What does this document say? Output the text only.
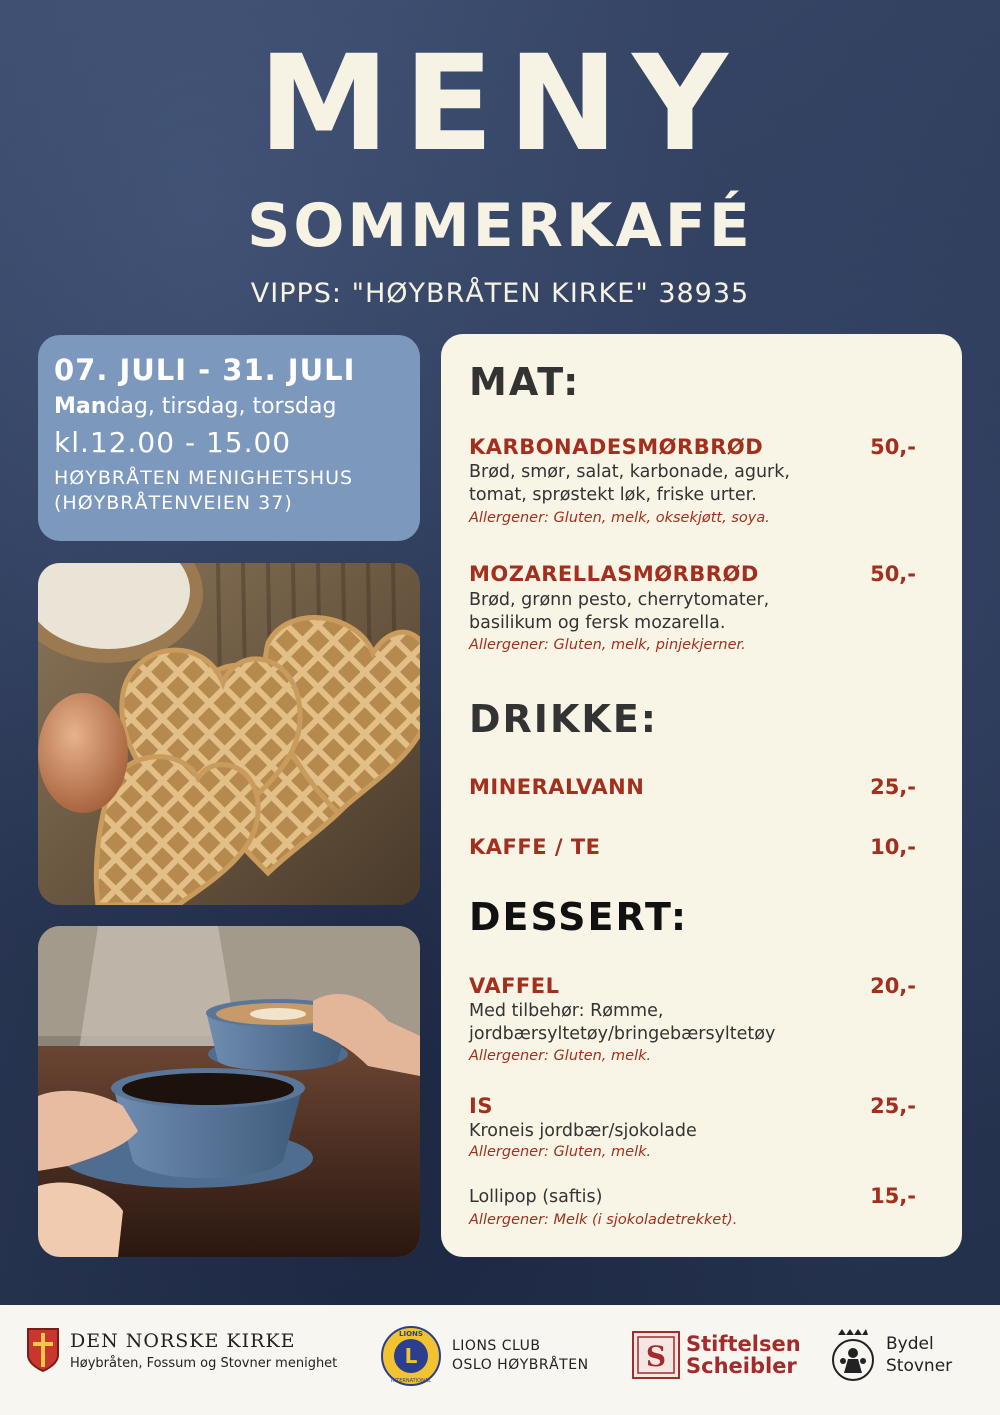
MENY
SOMMERKAFÉ
VIPPS: "HØYBRÅTEN KIRKE" 38935
07. JULI - 31. JULI
Mandag, tirsdag, torsdag
kl.12.00 - 15.00
HØYBRÅTEN MENIGHETSHUS
(HØYBRÅTENVEIEN 37)
MAT:
KARBONADESMØRBRØD	50,-
Brød, smør, salat, karbonade, agurk,
tomat, sprøstekt løk, friske urter.
Allergener: Gluten, melk, oksekjøtt, soya.
MOZARELLASMØRBRØD	50,-
Brød, grønn pesto, cherrytomater,
basilikum og fersk mozarella.
Allergener: Gluten, melk, pinjekjerner.
DRIKKE:
MINERALVANN	25,-
KAFFE / TE	10,-
DESSERT:
VAFFEL	20,-
Med tilbehør: Rømme,
jordbærsyltetøy/bringebærsyltetøy
Allergener: Gluten, melk.
IS	25,-
Kroneis jordbær/sjokolade
Allergener: Gluten, melk.
Lollipop (saftis)	15,-
Allergener: Melk (i sjokoladetrekket).
DEN NORSKE KIRKE
Høybråten, Fossum og Stovner menighet	L
LIONS
INTERNATIONAL
LIONS CLUB
OSLO HØYBRÅTEN S Stiftelsen
Scheibler
Bydel
Stovner
